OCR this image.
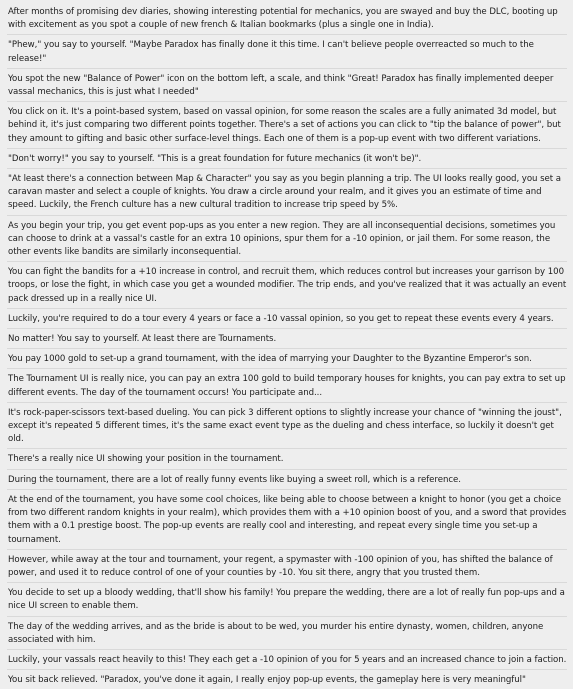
After months of promising dev diaries, showing interesting potential for mechanics, you are swayed and buy the DLC, booting up with excitement as you spot a couple of new french & Italian bookmarks (plus a single one in India).

"Phew," you say to yourself. "Maybe Paradox has finally done it this time. I can't believe people overreacted so much to the release!"

You spot the new "Balance of Power" icon on the bottom left, a scale, and think "Great! Paradox has finally implemented deeper vassal mechanics, this is just what I needed"

You click on it. It's a point-based system, based on vassal opinion, for some reason the scales are a fully animated 3d model, but behind it, it's just comparing two different points together. There's a set of actions you can click to "tip the balance of power", but they amount to gifting and basic other surface-level things. Each one of them is a pop-up event with two different variations.

"Don't worry!" you say to yourself. "This is a great foundation for future mechanics (it won't be)".

"At least there's a connection between Map & Character" you say as you begin planning a trip. The UI looks really good, you set a caravan master and select a couple of knights. You draw a circle around your realm, and it gives you an estimate of time and speed. Luckily, the French culture has a new cultural tradition to increase trip speed by 5%.

As you begin your trip, you get event pop-ups as you enter a new region. They are all inconsequential decisions, sometimes you can choose to drink at a vassal's castle for an extra 10 opinions, spur them for a -10 opinion, or jail them. For some reason, the other events like bandits are similarly inconsequential.

You can fight the bandits for a +10 increase in control, and recruit them, which reduces control but increases your garrison by 100 troops, or lose the fight, in which case you get a wounded modifier. The trip ends, and you've realized that it was actually an event pack dressed up in a really nice UI.

Luckily, you're required to do a tour every 4 years or face a -10 vassal opinion, so you get to repeat these events every 4 years.

No matter! You say to yourself. At least there are Tournaments.

You pay 1000 gold to set-up a grand tournament, with the idea of marrying your Daughter to the Byzantine Emperor's son.

The Tournament UI is really nice, you can pay an extra 100 gold to build temporary houses for knights, you can pay extra to set up different events. The day of the tournament occurs! You participate and...

It's rock-paper-scissors text-based dueling. You can pick 3 different options to slightly increase your chance of "winning the joust", except it's repeated 5 different times, it's the same exact event type as the dueling and chess interface, so luckily it doesn't get old.

There's a really nice UI showing your position in the tournament.

During the tournament, there are a lot of really funny events like buying a sweet roll, which is a reference.

At the end of the tournament, you have some cool choices, like being able to choose between a knight to honor (you get a choice from two different random knights in your realm), which provides them with a +10 opinion boost of you, and a sword that provides them with a 0.1 prestige boost. The pop-up events are really cool and interesting, and repeat every single time you set-up a tournament.

However, while away at the tour and tournament, your regent, a spymaster with -100 opinion of you, has shifted the balance of power, and used it to reduce control of one of your counties by -10. You sit there, angry that you trusted them.

You decide to set up a bloody wedding, that'll show his family! You prepare the wedding, there are a lot of really fun pop-ups and a nice UI screen to enable them.

The day of the wedding arrives, and as the bride is about to be wed, you murder his entire dynasty, women, children, anyone associated with him.

Luckily, your vassals react heavily to this! They each get a -10 opinion of you for 5 years and an increased chance to join a faction.

You sit back relieved. "Paradox, you've done it again, I really enjoy pop-up events, the gameplay here is very meaningful"
